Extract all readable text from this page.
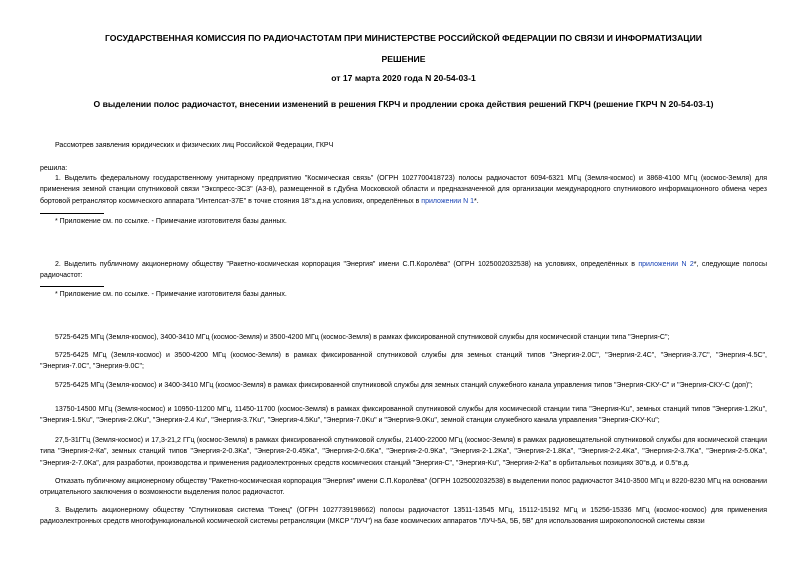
ГОСУДАРСТВЕННАЯ КОМИССИЯ ПО РАДИОЧАСТОТАМ ПРИ МИНИСТЕРСТВЕ РОССИЙСКОЙ ФЕДЕРАЦИИ ПО СВЯЗИ И ИНФОРМАТИЗАЦИИ
РЕШЕНИЕ
от 17 марта 2020 года N 20-54-03-1
О выделении полос радиочастот, внесении изменений в решения ГКРЧ и продлении срока действия решений ГКРЧ (решение ГКРЧ N 20-54-03-1)
Рассмотрев заявления юридических и физических лиц Российской Федерации, ГКРЧ
решила:
1. Выделить федеральному государственному унитарному предприятию "Космическая связь" (ОГРН 1027700418723) полосы радиочастот 6094-6321 МГц (Земля-космос) и 3868-4100 МГц (космос-Земля) для применения земной станции спутниковой связи "Экспресс-ЗС3" (А3-8), размещенной в г.Дубна Московской области и предназначенной для организации международного спутникового информационного обмена через бортовой ретранслятор космического аппарата "Интелсат-37Е" в точке стояния 18°з.д.на условиях, определённых в приложении N 1*.
* Приложение см. по ссылке. - Примечание изготовителя базы данных.
2. Выделить публичному акционерному обществу "Ракетно-космическая корпорация "Энергия" имени С.П.Королёва" (ОГРН 1025002032538) на условиях, определённых в приложении N 2*, следующие полосы радиочастот:
* Приложение см. по ссылке. - Примечание изготовителя базы данных.
5725-6425 МГц (Земля-космос), 3400-3410 МГц (космос-Земля) и 3500-4200 МГц (космос-Земля) в рамках фиксированной спутниковой службы для космической станции типа "Энергия-С";
5725-6425 МГц (Земля-космос) и 3500-4200 МГц (космос-Земля) в рамках фиксированной спутниковой службы для земных станций типов "Энергия-2.0С", "Энергия-2.4С", "Энергия-3.7С", "Энергия-4.5С", "Энергия-7.0С", "Энергия-9.0С";
5725-6425 МГц (Земля-космос) и 3400-3410 МГц (космос-Земля) в рамках фиксированной спутниковой службы для земных станций служебного канала управления типов "Энергия-СКУ-С" и "Энергия-СКУ-С (доп)";
13750-14500 МГц (Земля-космос) и 10950-11200 МГц, 11450-11700 (космос-Земля) в рамках фиксированной спутниковой службы для космической станции типа "Энергия-Ku", земных станций типов "Энергия-1.2Ku", "Энергия-1.5Ku", "Энергия-2.0Ku", "Энергия-2.4 Ku", "Энергия-3.7Ku", "Энергия-4.5Ku", "Энергия-7.0Ku" и "Энергия-9.0Ku", земной станции служебного канала управления "Энергия-СКУ-Ku";
27,5-31ГГц (Земля-космос) и 17,3-21,2 ГГц (космос-Земля) в рамках фиксированной спутниковой службы, 21400-22000 МГц (космос-Земля) в рамках радиовещательной спутниковой службы для космической станции типа "Энергия-2-Ка", земных станций типов "Энергия-2-0.3Ka", "Энергия-2-0.45Ka", "Энергия-2-0.6Ka", "Энергия-2-0.9Ka", "Энергия-2-1.2Ka", "Энергия-2-1.8Ka", "Энергия-2-2.4Ka", "Энергия-2-3.7Ka", "Энергия-2-5.0Ka", "Энергия-2-7.0Ka", для разработки, производства и применения радиоэлектронных средств космических станций "Энергия-С", "Энергия-Ku", "Энергия-2-Ка" в орбитальных позициях 30°в.д. и 0.5°в.д.
Отказать публичному акционерному обществу "Ракетно-космическая корпорация "Энергия" имени С.П.Королёва" (ОГРН 1025002032538) в выделении полос радиочастот 3410-3500 МГц и 8220-8230 МГц на основании отрицательного заключения о возможности выделения полос радиочастот.
3. Выделить акционерному обществу "Спутниковая система "Гонец" (ОГРН 1027739198662) полосы радиочастот 13511-13545 МГц, 15112-15192 МГц и 15256-15336 МГц (космос-космос) для применения радиоэлектронных средств многофункциональной космической системы ретрансляции (МКСР "ЛУЧ") на базе космических аппаратов "ЛУЧ-5А, 5Б, 5В" для использования широкополосной системы связи
